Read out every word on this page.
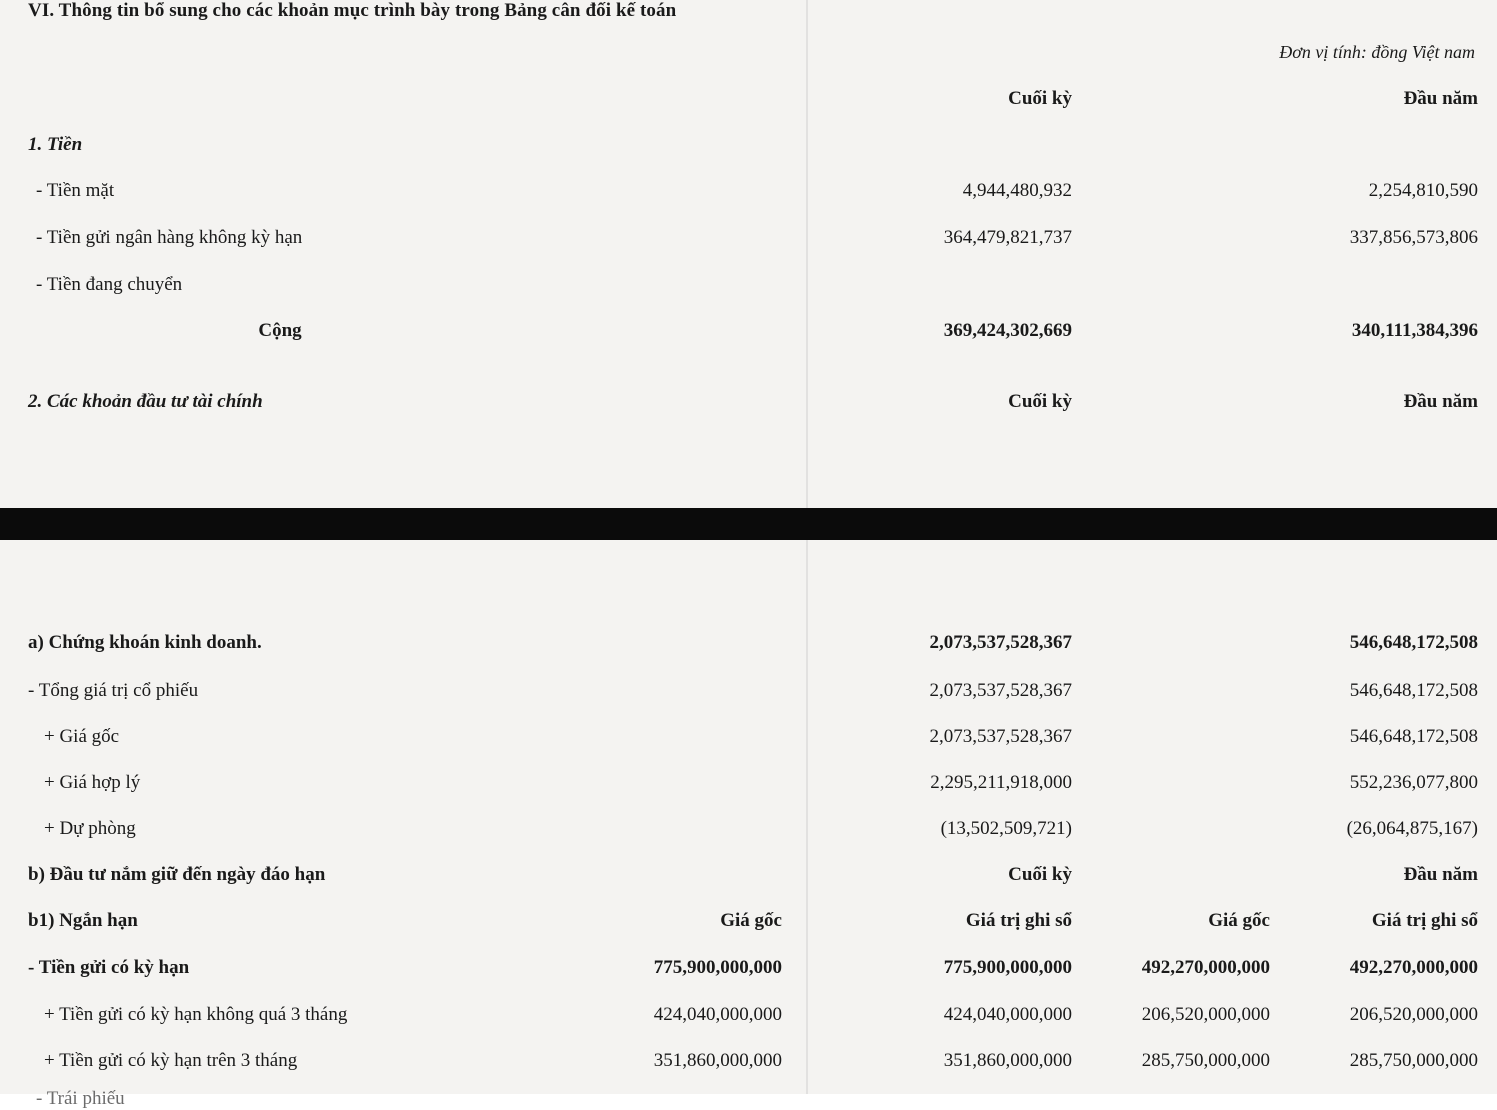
VI. Thông tin bổ sung cho các khoản mục trình bày trong Bảng cân đối kế toán
Đơn vị tính: đồng Việt nam
Cuối kỳ	Đầu năm
1. Tiền
- Tiền mặt	4,944,480,932	2,254,810,590
- Tiền gửi ngân hàng không kỳ hạn	364,479,821,737	337,856,573,806
- Tiền đang chuyển
Cộng	369,424,302,669	340,111,384,396
2. Các khoản đầu tư tài chính	Cuối kỳ	Đầu năm
a) Chứng khoán kinh doanh.	2,073,537,528,367	546,648,172,508
- Tổng giá trị cổ phiếu	2,073,537,528,367	546,648,172,508
+ Giá gốc	2,073,537,528,367	546,648,172,508
+ Giá hợp lý	2,295,211,918,000	552,236,077,800
+ Dự phòng	(13,502,509,721)	(26,064,875,167)
b) Đầu tư nắm giữ đến ngày đáo hạn	Cuối kỳ	Đầu năm
b1) Ngắn hạn	Giá gốc	Giá trị ghi sổ	Giá gốc	Giá trị ghi sổ
- Tiền gửi có kỳ hạn	775,900,000,000	775,900,000,000	492,270,000,000	492,270,000,000
+ Tiền gửi có kỳ hạn không quá 3 tháng	424,040,000,000	424,040,000,000	206,520,000,000	206,520,000,000
+ Tiền gửi có kỳ hạn trên 3 tháng	351,860,000,000	351,860,000,000	285,750,000,000	285,750,000,000
- Trái phiếu
